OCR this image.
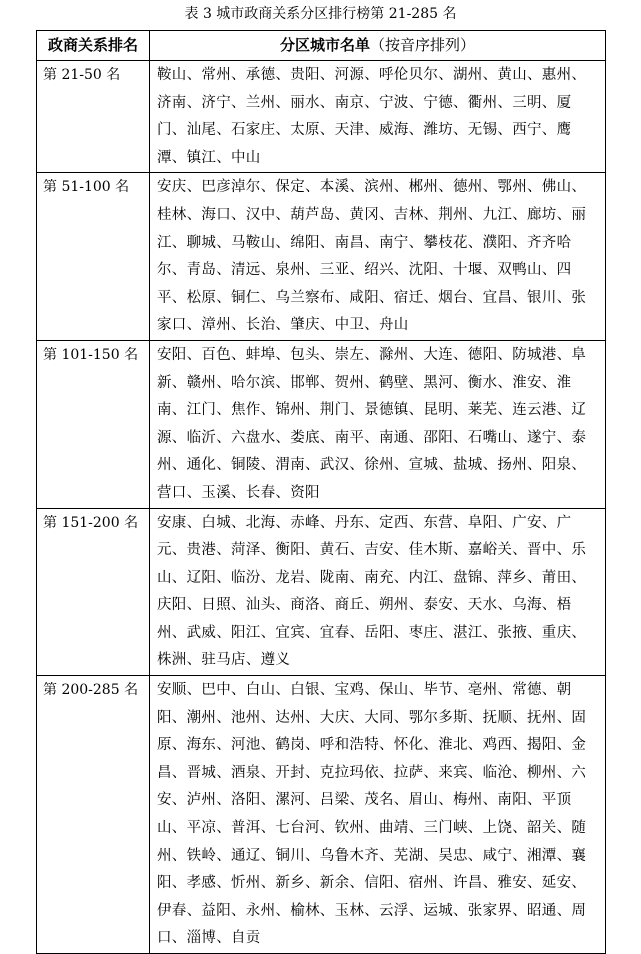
表 3 城市政商关系分区排行榜第 21-285 名
政商关系排名	分区城市名单（按音序排列）
第 21-50 名	鞍山、常州、承德、贵阳、河源、呼伦贝尔、湖州、黄山、惠州、济南、济宁、兰州、丽水、南京、宁波、宁德、衢州、三明、厦门、汕尾、石家庄、太原、天津、威海、潍坊、无锡、西宁、鹰潭、镇江、中山
第 51-100 名	安庆、巴彦淖尔、保定、本溪、滨州、郴州、德州、鄂州、佛山、桂林、海口、汉中、葫芦岛、黄冈、吉林、荆州、九江、廊坊、丽江、聊城、马鞍山、绵阳、南昌、南宁、攀枝花、濮阳、齐齐哈尔、青岛、清远、泉州、三亚、绍兴、沈阳、十堰、双鸭山、四平、松原、铜仁、乌兰察布、咸阳、宿迁、烟台、宜昌、银川、张家口、漳州、长治、肇庆、中卫、舟山
第 101-150 名	安阳、百色、蚌埠、包头、崇左、滁州、大连、德阳、防城港、阜新、赣州、哈尔滨、邯郸、贺州、鹤壁、黑河、衡水、淮安、淮南、江门、焦作、锦州、荆门、景德镇、昆明、莱芜、连云港、辽源、临沂、六盘水、娄底、南平、南通、邵阳、石嘴山、遂宁、泰州、通化、铜陵、渭南、武汉、徐州、宣城、盐城、扬州、阳泉、营口、玉溪、长春、资阳
第 151-200 名	安康、白城、北海、赤峰、丹东、定西、东营、阜阳、广安、广元、贵港、菏泽、衡阳、黄石、吉安、佳木斯、嘉峪关、晋中、乐山、辽阳、临汾、龙岩、陇南、南充、内江、盘锦、萍乡、莆田、庆阳、日照、汕头、商洛、商丘、朔州、泰安、天水、乌海、梧州、武威、阳江、宜宾、宜春、岳阳、枣庄、湛江、张掖、重庆、株洲、驻马店、遵义
第 200-285 名	安顺、巴中、白山、白银、宝鸡、保山、毕节、亳州、常德、朝阳、潮州、池州、达州、大庆、大同、鄂尔多斯、抚顺、抚州、固原、海东、河池、鹤岗、呼和浩特、怀化、淮北、鸡西、揭阳、金昌、晋城、酒泉、开封、克拉玛依、拉萨、来宾、临沧、柳州、六安、泸州、洛阳、漯河、吕梁、茂名、眉山、梅州、南阳、平顶山、平凉、普洱、七台河、钦州、曲靖、三门峡、上饶、韶关、随州、铁岭、通辽、铜川、乌鲁木齐、芜湖、吴忠、咸宁、湘潭、襄阳、孝感、忻州、新乡、新余、信阳、宿州、许昌、雅安、延安、伊春、益阳、永州、榆林、玉林、云浮、运城、张家界、昭通、周口、淄博、自贡
